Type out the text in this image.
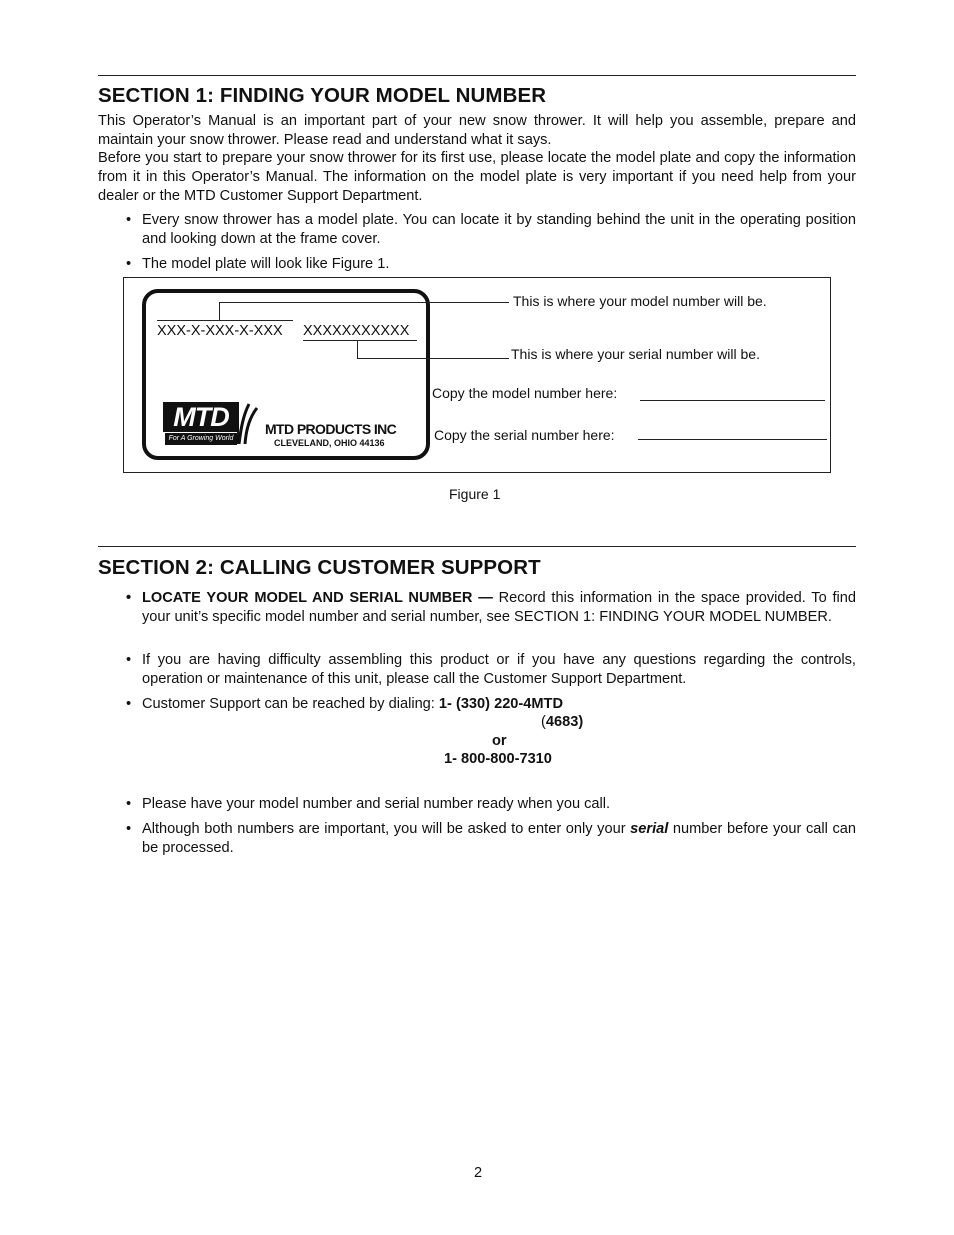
SECTION 1: FINDING YOUR MODEL NUMBER
This Operator’s Manual is an important part of your new snow thrower. It will help you assemble, prepare and maintain your snow thrower. Please read and understand what it says.
Before you start to prepare your snow thrower for its first use, please locate the model plate and copy the information from it in this Operator’s Manual. The information on the model plate is very important if you need help from your dealer or the MTD Customer Support Department.
• Every snow thrower has a model plate. You can locate it by standing behind the unit in the operating position and looking down at the frame cover.
• The model plate will look like Figure 1.
XXX-X-XXX-X-XXX XXXXXXXXXXX
This is where your model number will be.
This is where your serial number will be.
MTD
For A Growing World
MTD PRODUCTS INC
CLEVELAND, OHIO 44136
Copy the model number here:
Copy the serial number here:
Figure 1
SECTION 2: CALLING CUSTOMER SUPPORT
• LOCATE YOUR MODEL AND SERIAL NUMBER — Record this information in the space provided. To find your unit’s specific model number and serial number, see SECTION 1: FINDING YOUR MODEL NUMBER.
• If you are having difficulty assembling this product or if you have any questions regarding the controls, operation or maintenance of this unit, please call the Customer Support Department.
• Customer Support can be reached by dialing: 1- (330) 220-4MTD
(4683)
or
1- 800-800-7310
• Please have your model number and serial number ready when you call.
• Although both numbers are important, you will be asked to enter only your serial number before your call can be processed.
2
